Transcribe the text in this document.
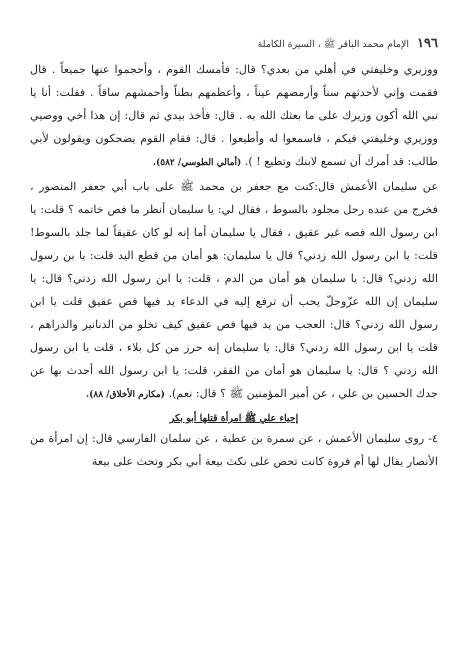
١٩٦
الإمام محمد الباقر ﷺ ، السيرة الكاملة

ووزيري وخليفتي في أهلي من بعدي؟ قال: فأمسك القوم ، وأحجموا عنها جميعاً . قال فقمت وإني لأحدثهم سناً وأرمصهم عيناً ، وأعظمهم بطناً وأحمشهم ساقاً . فقلت: أنا يا نبي الله أكون وزيرك على ما بعثك الله به . قال: فأخذ بيدي ثم قال: إن هذا أخي ووصيي ووزيري وخليفتي فيكم ، فاسمعوا له وأطيعوا . قال: فقام القوم يضحكون ويقولون لأبي طالب: قد أمرك أن تسمع لابنك وتطيع ! ). (أمالي الطوسي/ ٥٨٢).

عن سليمان الأعمش قال:كنت مع جعفر بن محمد ﷺ على باب أبي جعفر المنصور ، فخرج من عنده رجل مجلود بالسوط ، فقال لي: يا سليمان أنظر ما فص خاتمه ؟ قلت: يا ابن رسول الله فصه غير عقيق ، فقال يا سليمان أما إنه لو كان عقيقاً لما جلد بالسوط! قلت: يا ابن رسول الله زدني؟ قال يا سليمان: هو أمان من قطع اليد قلت: يا بن رسول الله زدني؟ قال: يا سليمان هو أمان من الدم ، قلت: يا ابن رسول الله زدني؟ قال: يا سليمان إن الله عزّوجلّ يحب أن ترفع إليه في الدعاء يد فيها فص عقيق قلت يا ابن رسول الله زدني؟ قال: العجب من يد فيها فص عقيق كيف تخلو من الدنانير والدراهم ، قلت يا ابن رسول الله زدني؟ قال: يا سليمان إنه حرز من كل بلاء ، قلت يا ابن رسول الله زدني ؟ قال: يا سليمان هو أمان من الفقر، قلت: يا ابن رسول الله أحدث بها عن جدك الحسين بن علي ، عن أمير المؤمنين ﷺ ؟ قال: نعم). (مكارم الأخلاق/ ٨٨).

إحياء علي ﷺ امرأة قتلها أبو بكر

٤- روى سليمان الأعمش ، عن سمرة بن عطية ، عن سلمان الفارسي قال: إن امرأة من الأنصار يقال لها أم فروة كانت تحض على نكث بيعة أبي بكر وتحث على بيعة
